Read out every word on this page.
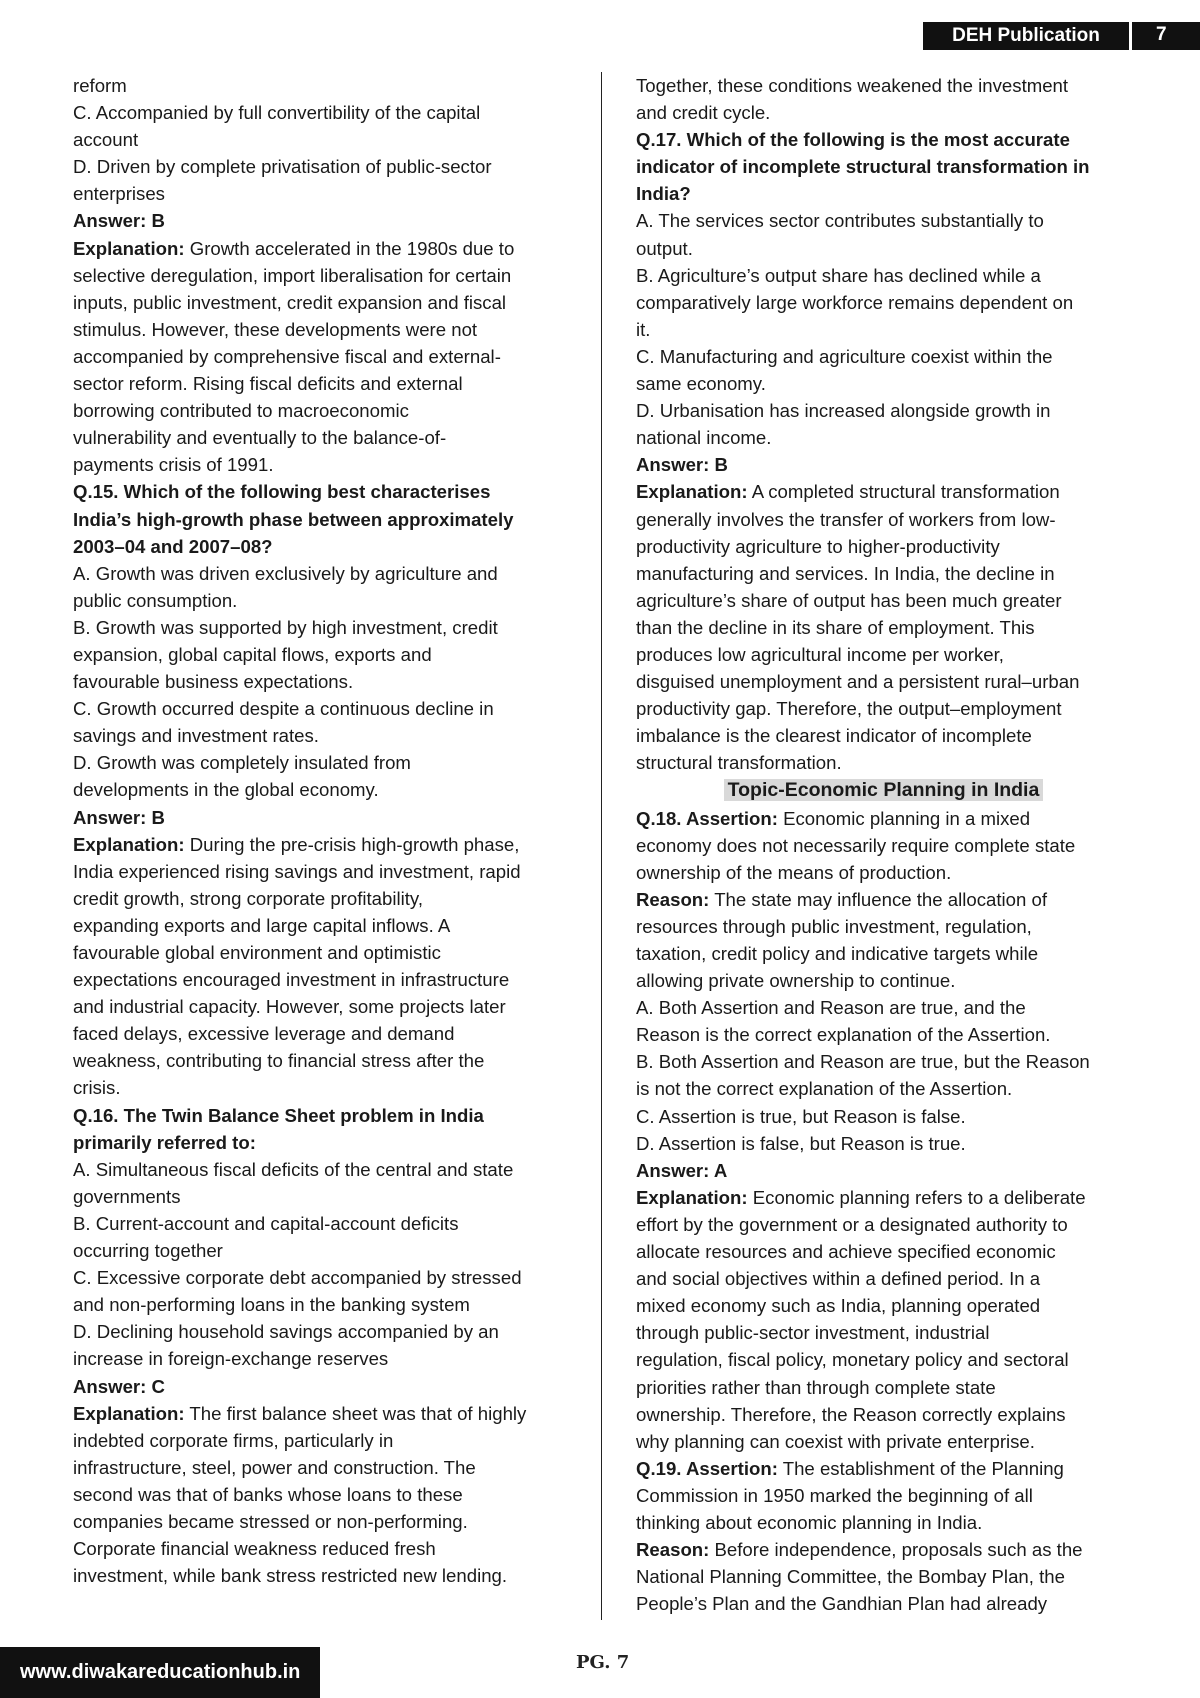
DEH Publication	7
reform
C. Accompanied by full convertibility of the capital
account
D. Driven by complete privatisation of public-sector
enterprises
Answer: B
Explanation: Growth accelerated in the 1980s due to
selective deregulation, import liberalisation for certain
inputs, public investment, credit expansion and fiscal
stimulus. However, these developments were not
accompanied by comprehensive fiscal and external-
sector reform. Rising fiscal deficits and external
borrowing contributed to macroeconomic
vulnerability and eventually to the balance-of-
payments crisis of 1991.
Q.15. Which of the following best characterises
India’s high-growth phase between approximately
2003–04 and 2007–08?
A. Growth was driven exclusively by agriculture and
public consumption.
B. Growth was supported by high investment, credit
expansion, global capital flows, exports and
favourable business expectations.
C. Growth occurred despite a continuous decline in
savings and investment rates.
D. Growth was completely insulated from
developments in the global economy.
Answer: B
Explanation: During the pre-crisis high-growth phase,
India experienced rising savings and investment, rapid
credit growth, strong corporate profitability,
expanding exports and large capital inflows. A
favourable global environment and optimistic
expectations encouraged investment in infrastructure
and industrial capacity. However, some projects later
faced delays, excessive leverage and demand
weakness, contributing to financial stress after the
crisis.
Q.16. The Twin Balance Sheet problem in India
primarily referred to:
A. Simultaneous fiscal deficits of the central and state
governments
B. Current-account and capital-account deficits
occurring together
C. Excessive corporate debt accompanied by stressed
and non-performing loans in the banking system
D. Declining household savings accompanied by an
increase in foreign-exchange reserves
Answer: C
Explanation: The first balance sheet was that of highly
indebted corporate firms, particularly in
infrastructure, steel, power and construction. The
second was that of banks whose loans to these
companies became stressed or non-performing.
Corporate financial weakness reduced fresh
investment, while bank stress restricted new lending.
Together, these conditions weakened the investment
and credit cycle.
Q.17. Which of the following is the most accurate
indicator of incomplete structural transformation in
India?
A. The services sector contributes substantially to
output.
B. Agriculture’s output share has declined while a
comparatively large workforce remains dependent on
it.
C. Manufacturing and agriculture coexist within the
same economy.
D. Urbanisation has increased alongside growth in
national income.
Answer: B
Explanation: A completed structural transformation
generally involves the transfer of workers from low-
productivity agriculture to higher-productivity
manufacturing and services. In India, the decline in
agriculture’s share of output has been much greater
than the decline in its share of employment. This
produces low agricultural income per worker,
disguised unemployment and a persistent rural–urban
productivity gap. Therefore, the output–employment
imbalance is the clearest indicator of incomplete
structural transformation.
Topic-Economic Planning in India
Q.18. Assertion: Economic planning in a mixed
economy does not necessarily require complete state
ownership of the means of production.
Reason: The state may influence the allocation of
resources through public investment, regulation,
taxation, credit policy and indicative targets while
allowing private ownership to continue.
A. Both Assertion and Reason are true, and the
Reason is the correct explanation of the Assertion.
B. Both Assertion and Reason are true, but the Reason
is not the correct explanation of the Assertion.
C. Assertion is true, but Reason is false.
D. Assertion is false, but Reason is true.
Answer: A
Explanation: Economic planning refers to a deliberate
effort by the government or a designated authority to
allocate resources and achieve specified economic
and social objectives within a defined period. In a
mixed economy such as India, planning operated
through public-sector investment, industrial
regulation, fiscal policy, monetary policy and sectoral
priorities rather than through complete state
ownership. Therefore, the Reason correctly explains
why planning can coexist with private enterprise.
Q.19. Assertion: The establishment of the Planning
Commission in 1950 marked the beginning of all
thinking about economic planning in India.
Reason: Before independence, proposals such as the
National Planning Committee, the Bombay Plan, the
People’s Plan and the Gandhian Plan had already
www.diwakareducationhub.in	PG. 7
